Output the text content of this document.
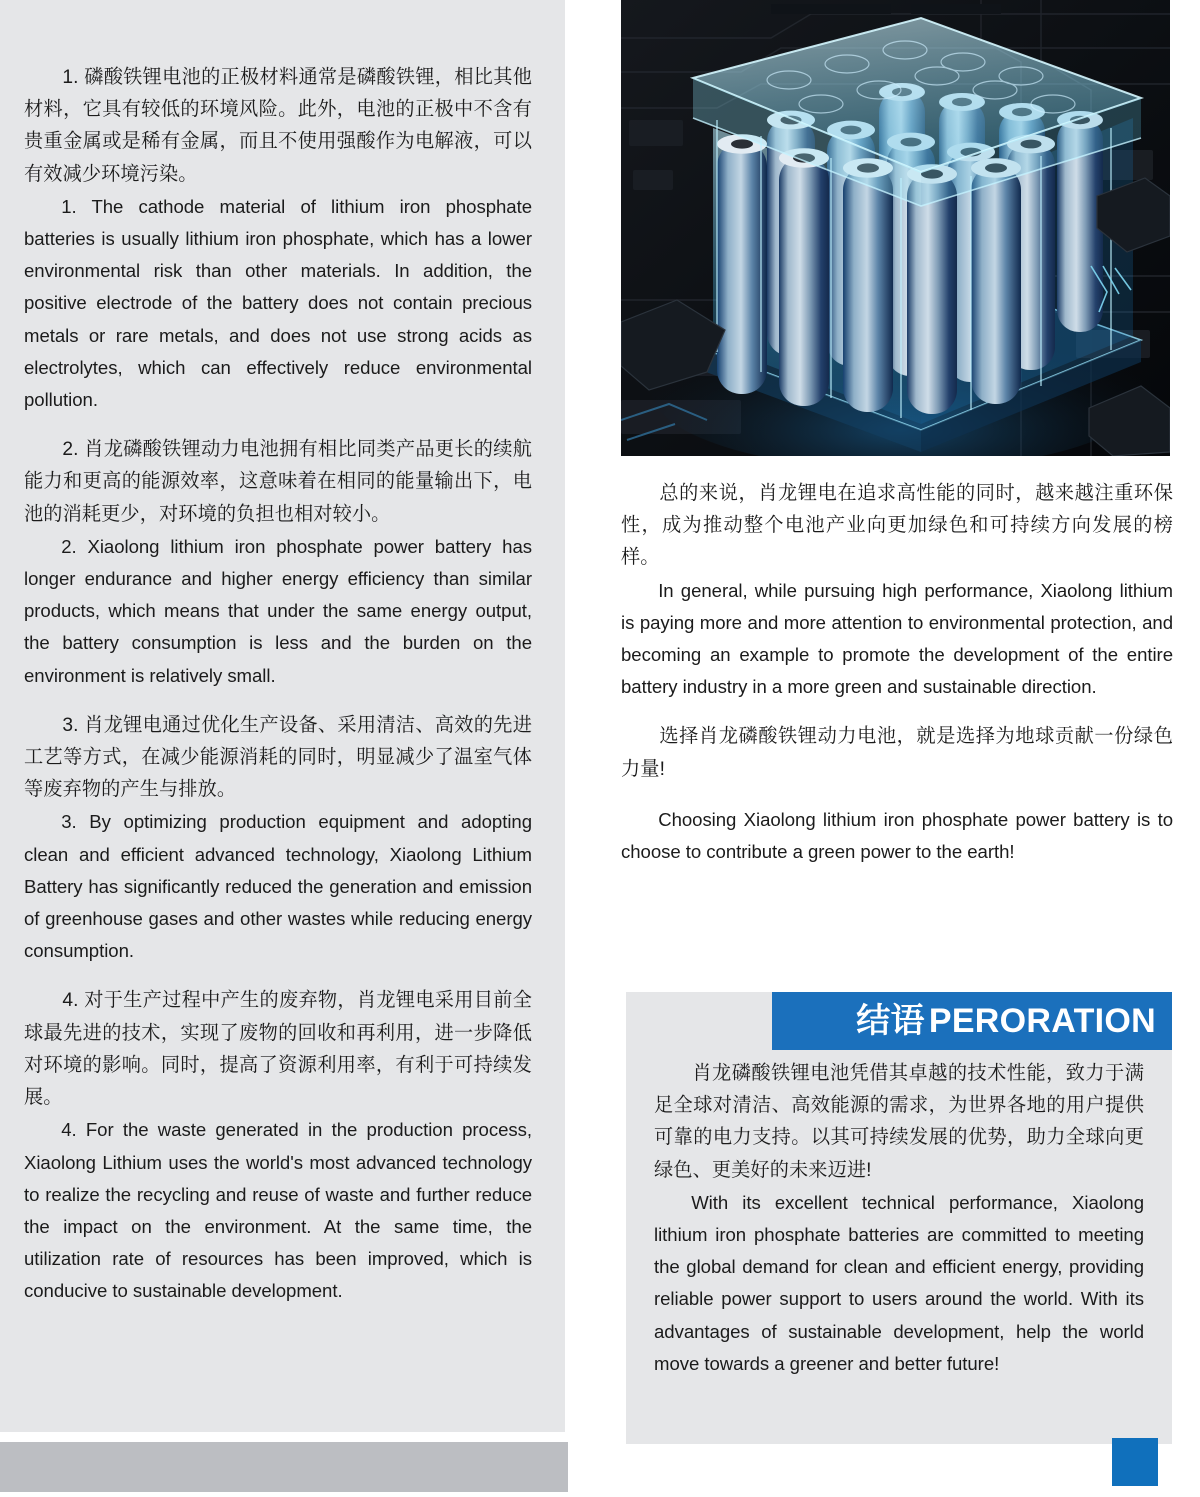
1. 磷酸铁锂电池的正极材料通常是磷酸铁锂，相比其他材料，它具有较低的环境风险。此外，电池的正极中不含有贵重金属或是稀有金属，而且不使用强酸作为电解液，可以有效减少环境污染。

1. The cathode material of lithium iron phosphate batteries is usually lithium iron phosphate, which has a lower environmental risk than other materials. In addition, the positive electrode of the battery does not contain precious metals or rare metals, and does not use strong acids as electrolytes, which can effectively reduce environmental pollution.

2. 肖龙磷酸铁锂动力电池拥有相比同类产品更长的续航能力和更高的能源效率，这意味着在相同的能量输出下，电池的消耗更少，对环境的负担也相对较小。

2. Xiaolong lithium iron phosphate power battery has longer endurance and higher energy efficiency than similar products, which means that under the same energy output, the battery consumption is less and the burden on the environment is relatively small.

3. 肖龙锂电通过优化生产设备、采用清洁、高效的先进工艺等方式，在减少能源消耗的同时，明显减少了温室气体等废弃物的产生与排放。

3. By optimizing production equipment and adopting clean and efficient advanced technology, Xiaolong Lithium Battery has significantly reduced the generation and emission of greenhouse gases and other wastes while reducing energy consumption.

4. 对于生产过程中产生的废弃物，肖龙锂电采用目前全球最先进的技术，实现了废物的回收和再利用，进一步降低对环境的影响。同时，提高了资源利用率，有利于可持续发展。

4. For the waste generated in the production process, Xiaolong Lithium uses the world's most advanced technology to realize the recycling and reuse of waste and further reduce the impact on the environment. At the same time, the utilization rate of resources has been improved, which is conducive to sustainable development.

总的来说，肖龙锂电在追求高性能的同时，越来越注重环保性，成为推动整个电池产业向更加绿色和可持续方向发展的榜样。

In general, while pursuing high performance, Xiaolong lithium is paying more and more attention to environmental protection, and becoming an example to promote the development of the entire battery industry in a more green and sustainable direction.

选择肖龙磷酸铁锂动力电池，就是选择为地球贡献一份绿色力量!

Choosing Xiaolong lithium iron phosphate power battery is to choose to contribute a green power to the earth!

结语 PERORATION

肖龙磷酸铁锂电池凭借其卓越的技术性能，致力于满足全球对清洁、高效能源的需求，为世界各地的用户提供可靠的电力支持。以其可持续发展的优势，助力全球向更绿色、更美好的未来迈进!

With its excellent technical performance, Xiaolong lithium iron phosphate batteries are committed to meeting the global demand for clean and efficient energy, providing reliable power support to users around the world. With its advantages of sustainable development, help the world move towards a greener and better future!
